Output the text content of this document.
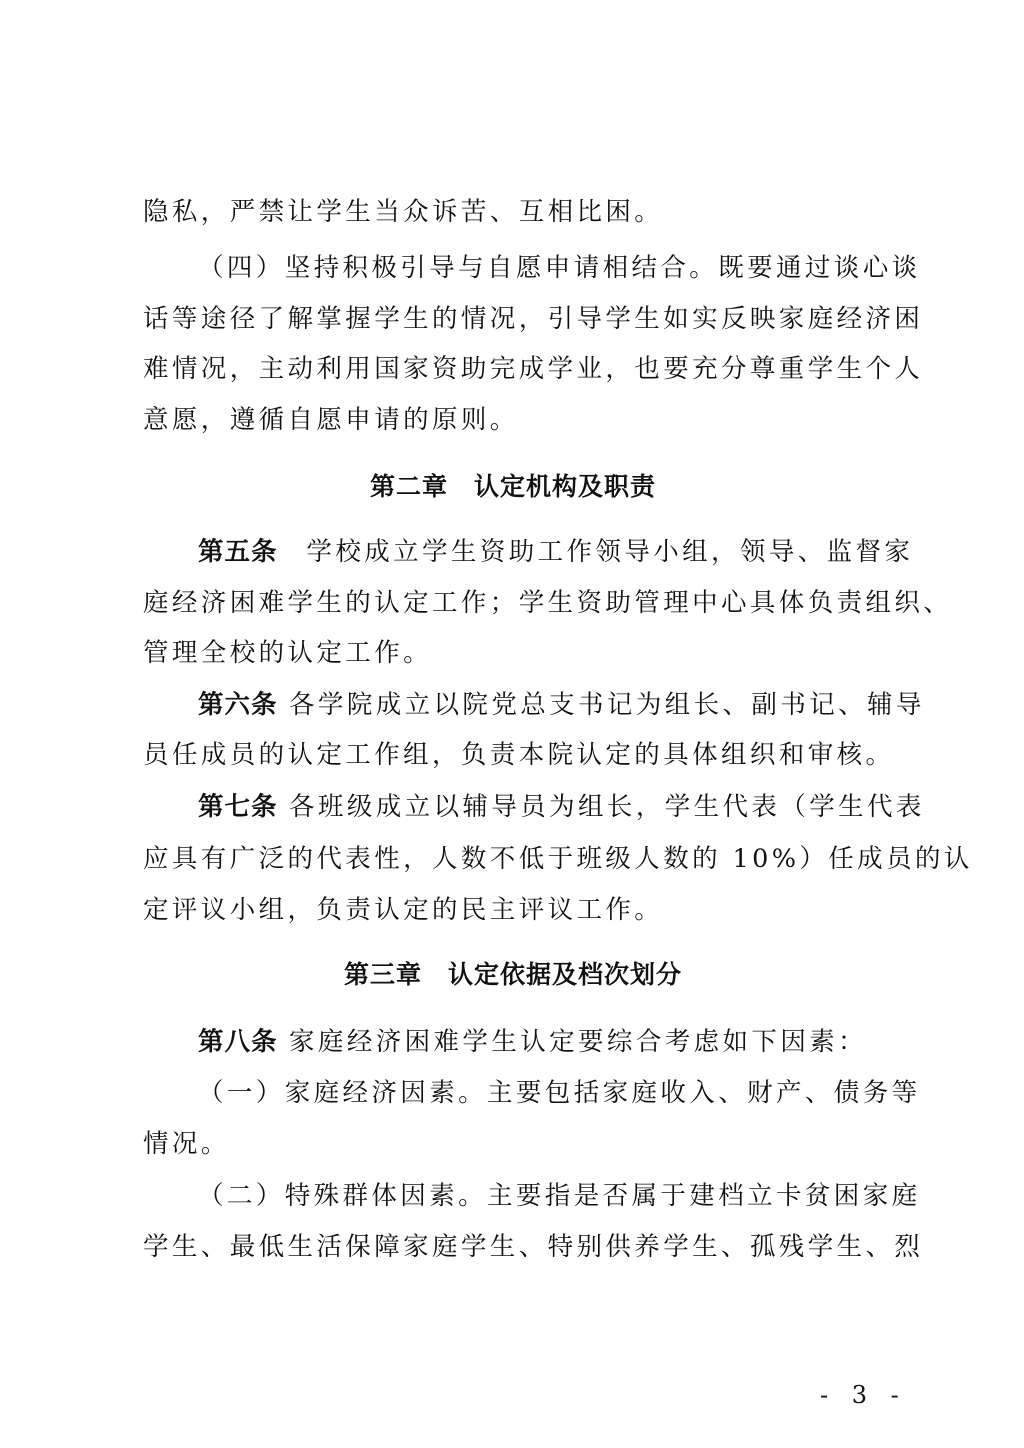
隐私，严禁让学生当众诉苦、互相比困。
（四）坚持积极引导与自愿申请相结合。既要通过谈心谈
话等途径了解掌握学生的情况，引导学生如实反映家庭经济困
难情况，主动利用国家资助完成学业，也要充分尊重学生个人
意愿，遵循自愿申请的原则。
第二章　认定机构及职责
第五条　学校成立学生资助工作领导小组，领导、监督家
庭经济困难学生的认定工作；学生资助管理中心具体负责组织、
管理全校的认定工作。
第六条 各学院成立以院党总支书记为组长、副书记、辅导
员任成员的认定工作组，负责本院认定的具体组织和审核。
第七条 各班级成立以辅导员为组长，学生代表（学生代表
应具有广泛的代表性，人数不低于班级人数的 10%）任成员的认
定评议小组，负责认定的民主评议工作。
第三章　认定依据及档次划分
第八条 家庭经济困难学生认定要综合考虑如下因素：
（一）家庭经济因素。主要包括家庭收入、财产、债务等
情况。
（二）特殊群体因素。主要指是否属于建档立卡贫困家庭
学生、最低生活保障家庭学生、特别供养学生、孤残学生、烈
- 3 -
